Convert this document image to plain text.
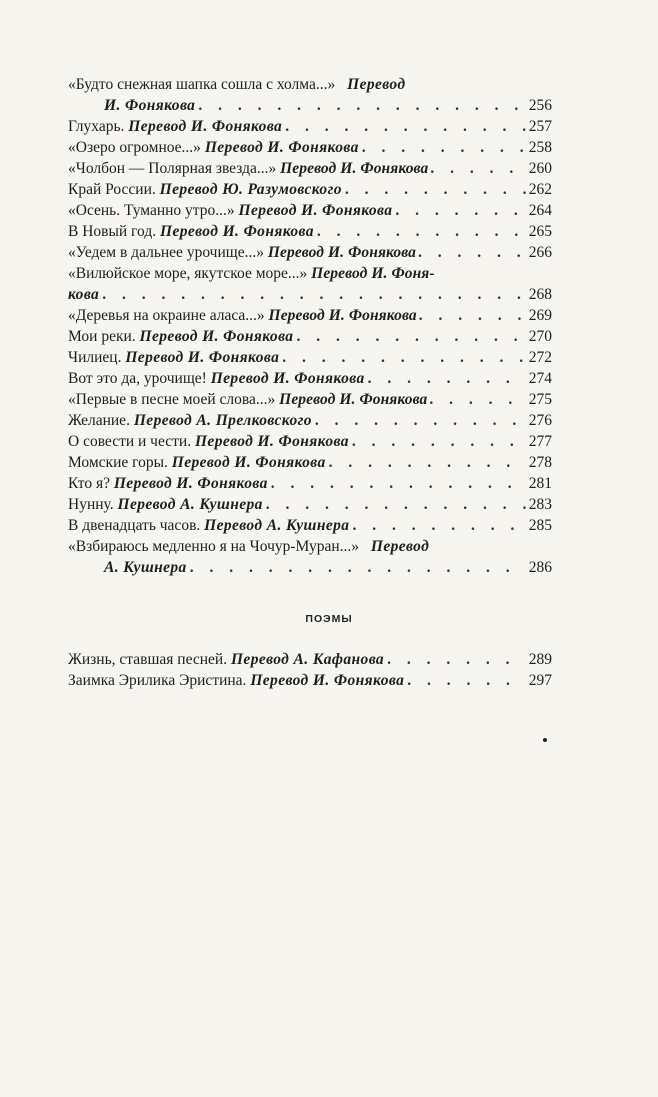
«Будто снежная шапка сошла с холма...»
Перевод
И. Фонякова . . .	256
Глухарь.
Перевод И. Фонякова . . .	257
«Озеро огромное...»
Перевод И. Фонякова . . .	258
«Чолбон — Полярная звезда...»
Перевод И. Фонякова . . .	260
Край России.
Перевод Ю. Разумовского . . .	262
«Осень. Туманно утро...»
Перевод И. Фонякова . . .	264
В Новый год.
Перевод И. Фонякова . . .	265
«Уедем в дальнее урочище...»
Перевод И. Фонякова . . .	266
«Вилюйское море, якутское море...»
Перевод И. Фоня-
кова . . .	268
«Деревья на окраине аласа...»
Перевод И. Фонякова . . .	269
Мои реки.
Перевод И. Фонякова . . .	270
Чилиец.
Перевод И. Фонякова . . .	272
Вот это да, урочище!
Перевод И. Фонякова . . .	274
«Первые в песне моей слова...»
Перевод И. Фонякова . . .	275
Желание.
Перевод А. Прелковского . . .	276
О совести и чести.
Перевод И. Фонякова . . .	277
Момские горы.
Перевод И. Фонякова . . .	278
Кто я?
Перевод И. Фонякова . . .	281
Нунну.
Перевод А. Кушнера . . .	283
В двенадцать часов.
Перевод А. Кушнера . . .	285
«Взбираюсь медленно я на Чочур-Муран...»
Перевод
А. Кушнера . . .	286
ПОЭМЫ
Жизнь, ставшая песней.
Перевод А. Кафанова . . .	289
Заимка Эрилика Эристина.
Перевод И. Фонякова . . .	297
